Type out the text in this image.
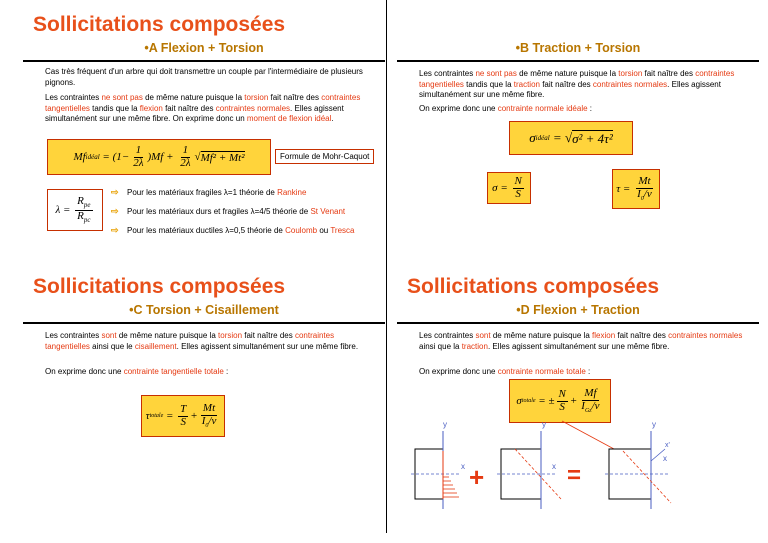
Sollicitations composées
•A Flexion + Torsion
Cas très fréquent d'un arbre qui doit transmettre un couple par l'intermédiaire de plusieurs pignons.
Les contraintes ne sont pas de même nature puisque la torsion fait naître des contraintes tangentielles tandis que la flexion fait naître des contraintes normales. Elles agissent simultanément sur une même fibre. On exprime donc un moment de flexion idéal.
Mf idéal = $(1- \frac{1}{2\lambda} )Mf + \frac{1}{2\lambda}$ √ Mf² + Mt²	Formule de Mohr-Caquot
$\lambda = \frac{R_{pe}}{R_{pc}}$
⇨ Pour les matériaux fragiles λ=1 théorie de Rankine
⇨ Pour les matériaux durs et fragiles λ=4/5 théorie de St Venant
⇨ Pour les matériaux ductiles λ=0,5 théorie de Coulomb ou Tresca
•B Traction + Torsion
Les contraintes ne sont pas de même nature puisque la torsion fait naître des contraintes tangentielles tandis que la traction fait naître des contraintes normales. Elles agissent simultanément sur une même fibre.
On exprime donc une contrainte normale idéale :
σ idéal = √ σ² + 4τ²
$\sigma = \frac{N}{S}$	$\tau = \frac{Mt}{I_0/\nu}$
Sollicitations composées
•C Torsion + Cisaillement
Les contraintes sont de même nature puisque la torsion fait naître des contraintes tangentielles ainsi que le cisaillement. Elles agissent simultanément sur une même fibre.
On exprime donc une contrainte tangentielle totale :
τ totale = $\frac{T}{S} + \frac{Mt}{I_0/\nu}$
Sollicitations composées
•D Flexion + Traction
Les contraintes sont de même nature puisque la flexion fait naître des contraintes normales ainsi que la traction. Elles agissent simultanément sur une même fibre.
On exprime donc une contrainte normale totale :
σ totale = ± $\frac{N}{S} + \frac{Mf}{I_{Gz}/\nu}$
y
x +
y
x =
y
x
x'
